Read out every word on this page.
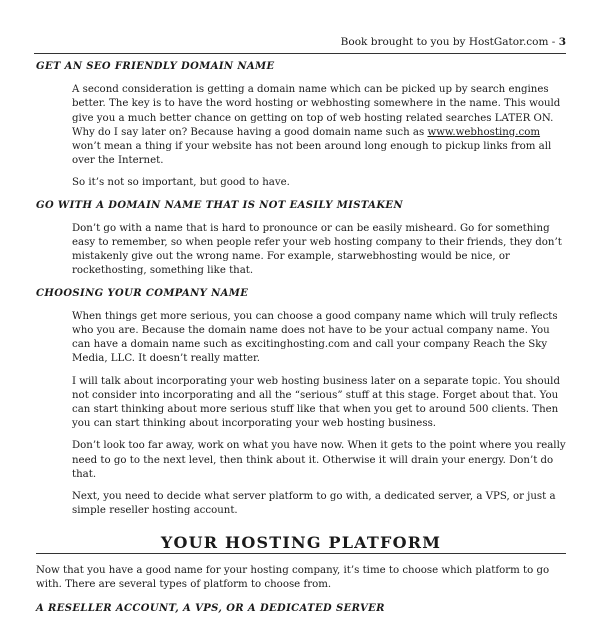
Book brought to you by HostGator.com - 3
GET AN SEO FRIENDLY DOMAIN NAME

A second consideration is getting a domain name which can be picked up by search engines better. The key is to have the word hosting or webhosting somewhere in the name. This would give you a much better chance on getting on top of web hosting related searches LATER ON. Why do I say later on? Because having a good domain name such as www.webhosting.com won’t mean a thing if your website has not been around long enough to pickup links from all over the Internet.

So it’s not so important, but good to have.

GO WITH A DOMAIN NAME THAT IS NOT EASILY MISTAKEN

Don’t go with a name that is hard to pronounce or can be easily misheard. Go for something easy to remember, so when people refer your web hosting company to their friends, they don’t mistakenly give out the wrong name. For example, starwebhosting would be nice, or rockethosting, something like that.

CHOOSING YOUR COMPANY NAME

When things get more serious, you can choose a good company name which will truly reflects who you are. Because the domain name does not have to be your actual company name. You can have a domain name such as excitinghosting.com and call your company Reach the Sky Media, LLC. It doesn’t really matter.

I will talk about incorporating your web hosting business later on a separate topic. You should not consider into incorporating and all the “serious” stuff at this stage. Forget about that. You can start thinking about more serious stuff like that when you get to around 500 clients. Then you can start thinking about incorporating your web hosting business.

Don’t look too far away, work on what you have now. When it gets to the point where you really need to go to the next level, then think about it. Otherwise it will drain your energy. Don’t do that.

Next, you need to decide what server platform to go with, a dedicated server, a VPS, or just a simple reseller hosting account.

YOUR HOSTING PLATFORM

Now that you have a good name for your hosting company, it’s time to choose which platform to go with. There are several types of platform to choose from.

A RESELLER ACCOUNT, A VPS, OR A DEDICATED SERVER
